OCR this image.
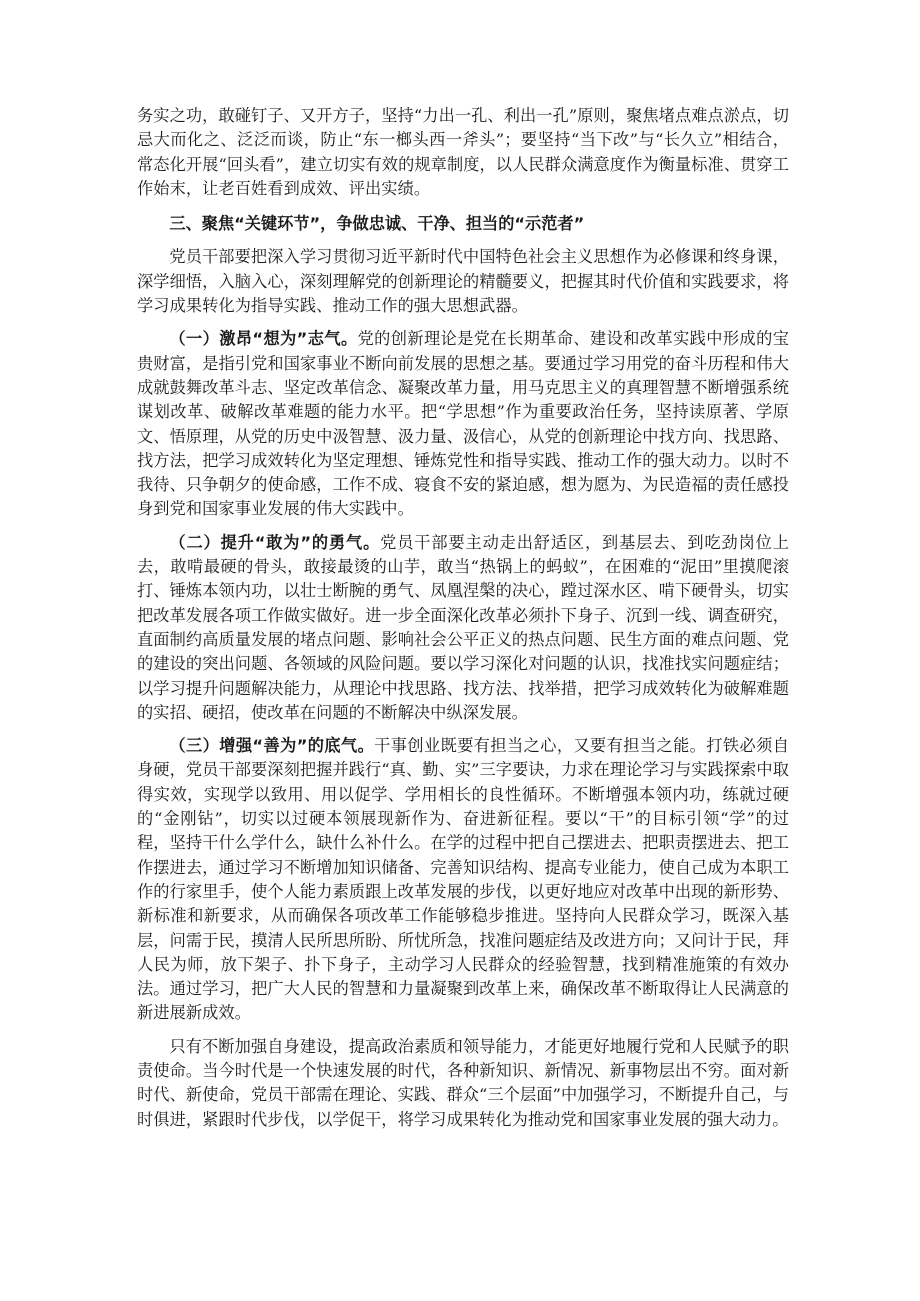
务实之功，敢碰钉子、又开方子，坚持“力出一孔、利出一孔”原则，聚焦堵点难点淤点，切忌大而化之、泛泛而谈，防止“东一榔头西一斧头”；要坚持“当下改”与“长久立”相结合，常态化开展“回头看”，建立切实有效的规章制度，以人民群众满意度作为衡量标准、贯穿工作始末，让老百姓看到成效、评出实绩。

三、聚焦“关键环节”，争做忠诚、干净、担当的“示范者”

党员干部要把深入学习贯彻习近平新时代中国特色社会主义思想作为必修课和终身课，深学细悟，入脑入心，深刻理解党的创新理论的精髓要义，把握其时代价值和实践要求，将学习成果转化为指导实践、推动工作的强大思想武器。

（一）激昂“想为”志气。党的创新理论是党在长期革命、建设和改革实践中形成的宝贵财富，是指引党和国家事业不断向前发展的思想之基。要通过学习用党的奋斗历程和伟大成就鼓舞改革斗志、坚定改革信念、凝聚改革力量，用马克思主义的真理智慧不断增强系统谋划改革、破解改革难题的能力水平。把“学思想”作为重要政治任务，坚持读原著、学原文、悟原理，从党的历史中汲智慧、汲力量、汲信心，从党的创新理论中找方向、找思路、找方法，把学习成效转化为坚定理想、锤炼党性和指导实践、推动工作的强大动力。以时不我待、只争朝夕的使命感，工作不成、寝食不安的紧迫感，想为愿为、为民造福的责任感投身到党和国家事业发展的伟大实践中。

（二）提升“敢为”的勇气。党员干部要主动走出舒适区，到基层去、到吃劲岗位上去，敢啃最硬的骨头，敢接最烫的山芋，敢当“热锅上的蚂蚁”，在困难的“泥田”里摸爬滚打、锤炼本领内功，以壮士断腕的勇气、凤凰涅槃的决心，蹚过深水区、啃下硬骨头，切实把改革发展各项工作做实做好。进一步全面深化改革必须扑下身子、沉到一线、调查研究，直面制约高质量发展的堵点问题、影响社会公平正义的热点问题、民生方面的难点问题、党的建设的突出问题、各领域的风险问题。要以学习深化对问题的认识，找准找实问题症结；以学习提升问题解决能力，从理论中找思路、找方法、找举措，把学习成效转化为破解难题的实招、硬招，使改革在问题的不断解决中纵深发展。

（三）增强“善为”的底气。干事创业既要有担当之心，又要有担当之能。打铁必须自身硬，党员干部要深刻把握并践行“真、勤、实”三字要诀，力求在理论学习与实践探索中取得实效，实现学以致用、用以促学、学用相长的良性循环。不断增强本领内功，练就过硬的“金刚钻”，切实以过硬本领展现新作为、奋进新征程。要以“干”的目标引领“学”的过程，坚持干什么学什么，缺什么补什么。在学的过程中把自己摆进去、把职责摆进去、把工作摆进去，通过学习不断增加知识储备、完善知识结构、提高专业能力，使自己成为本职工作的行家里手，使个人能力素质跟上改革发展的步伐，以更好地应对改革中出现的新形势、新标准和新要求，从而确保各项改革工作能够稳步推进。坚持向人民群众学习，既深入基层，问需于民，摸清人民所思所盼、所忧所急，找准问题症结及改进方向；又问计于民，拜人民为师，放下架子、扑下身子，主动学习人民群众的经验智慧，找到精准施策的有效办法。通过学习，把广大人民的智慧和力量凝聚到改革上来，确保改革不断取得让人民满意的新进展新成效。

只有不断加强自身建设，提高政治素质和领导能力，才能更好地履行党和人民赋予的职责使命。当今时代是一个快速发展的时代，各种新知识、新情况、新事物层出不穷。面对新时代、新使命，党员干部需在理论、实践、群众“三个层面”中加强学习，不断提升自己，与时俱进，紧跟时代步伐，以学促干，将学习成果转化为推动党和国家事业发展的强大动力。
